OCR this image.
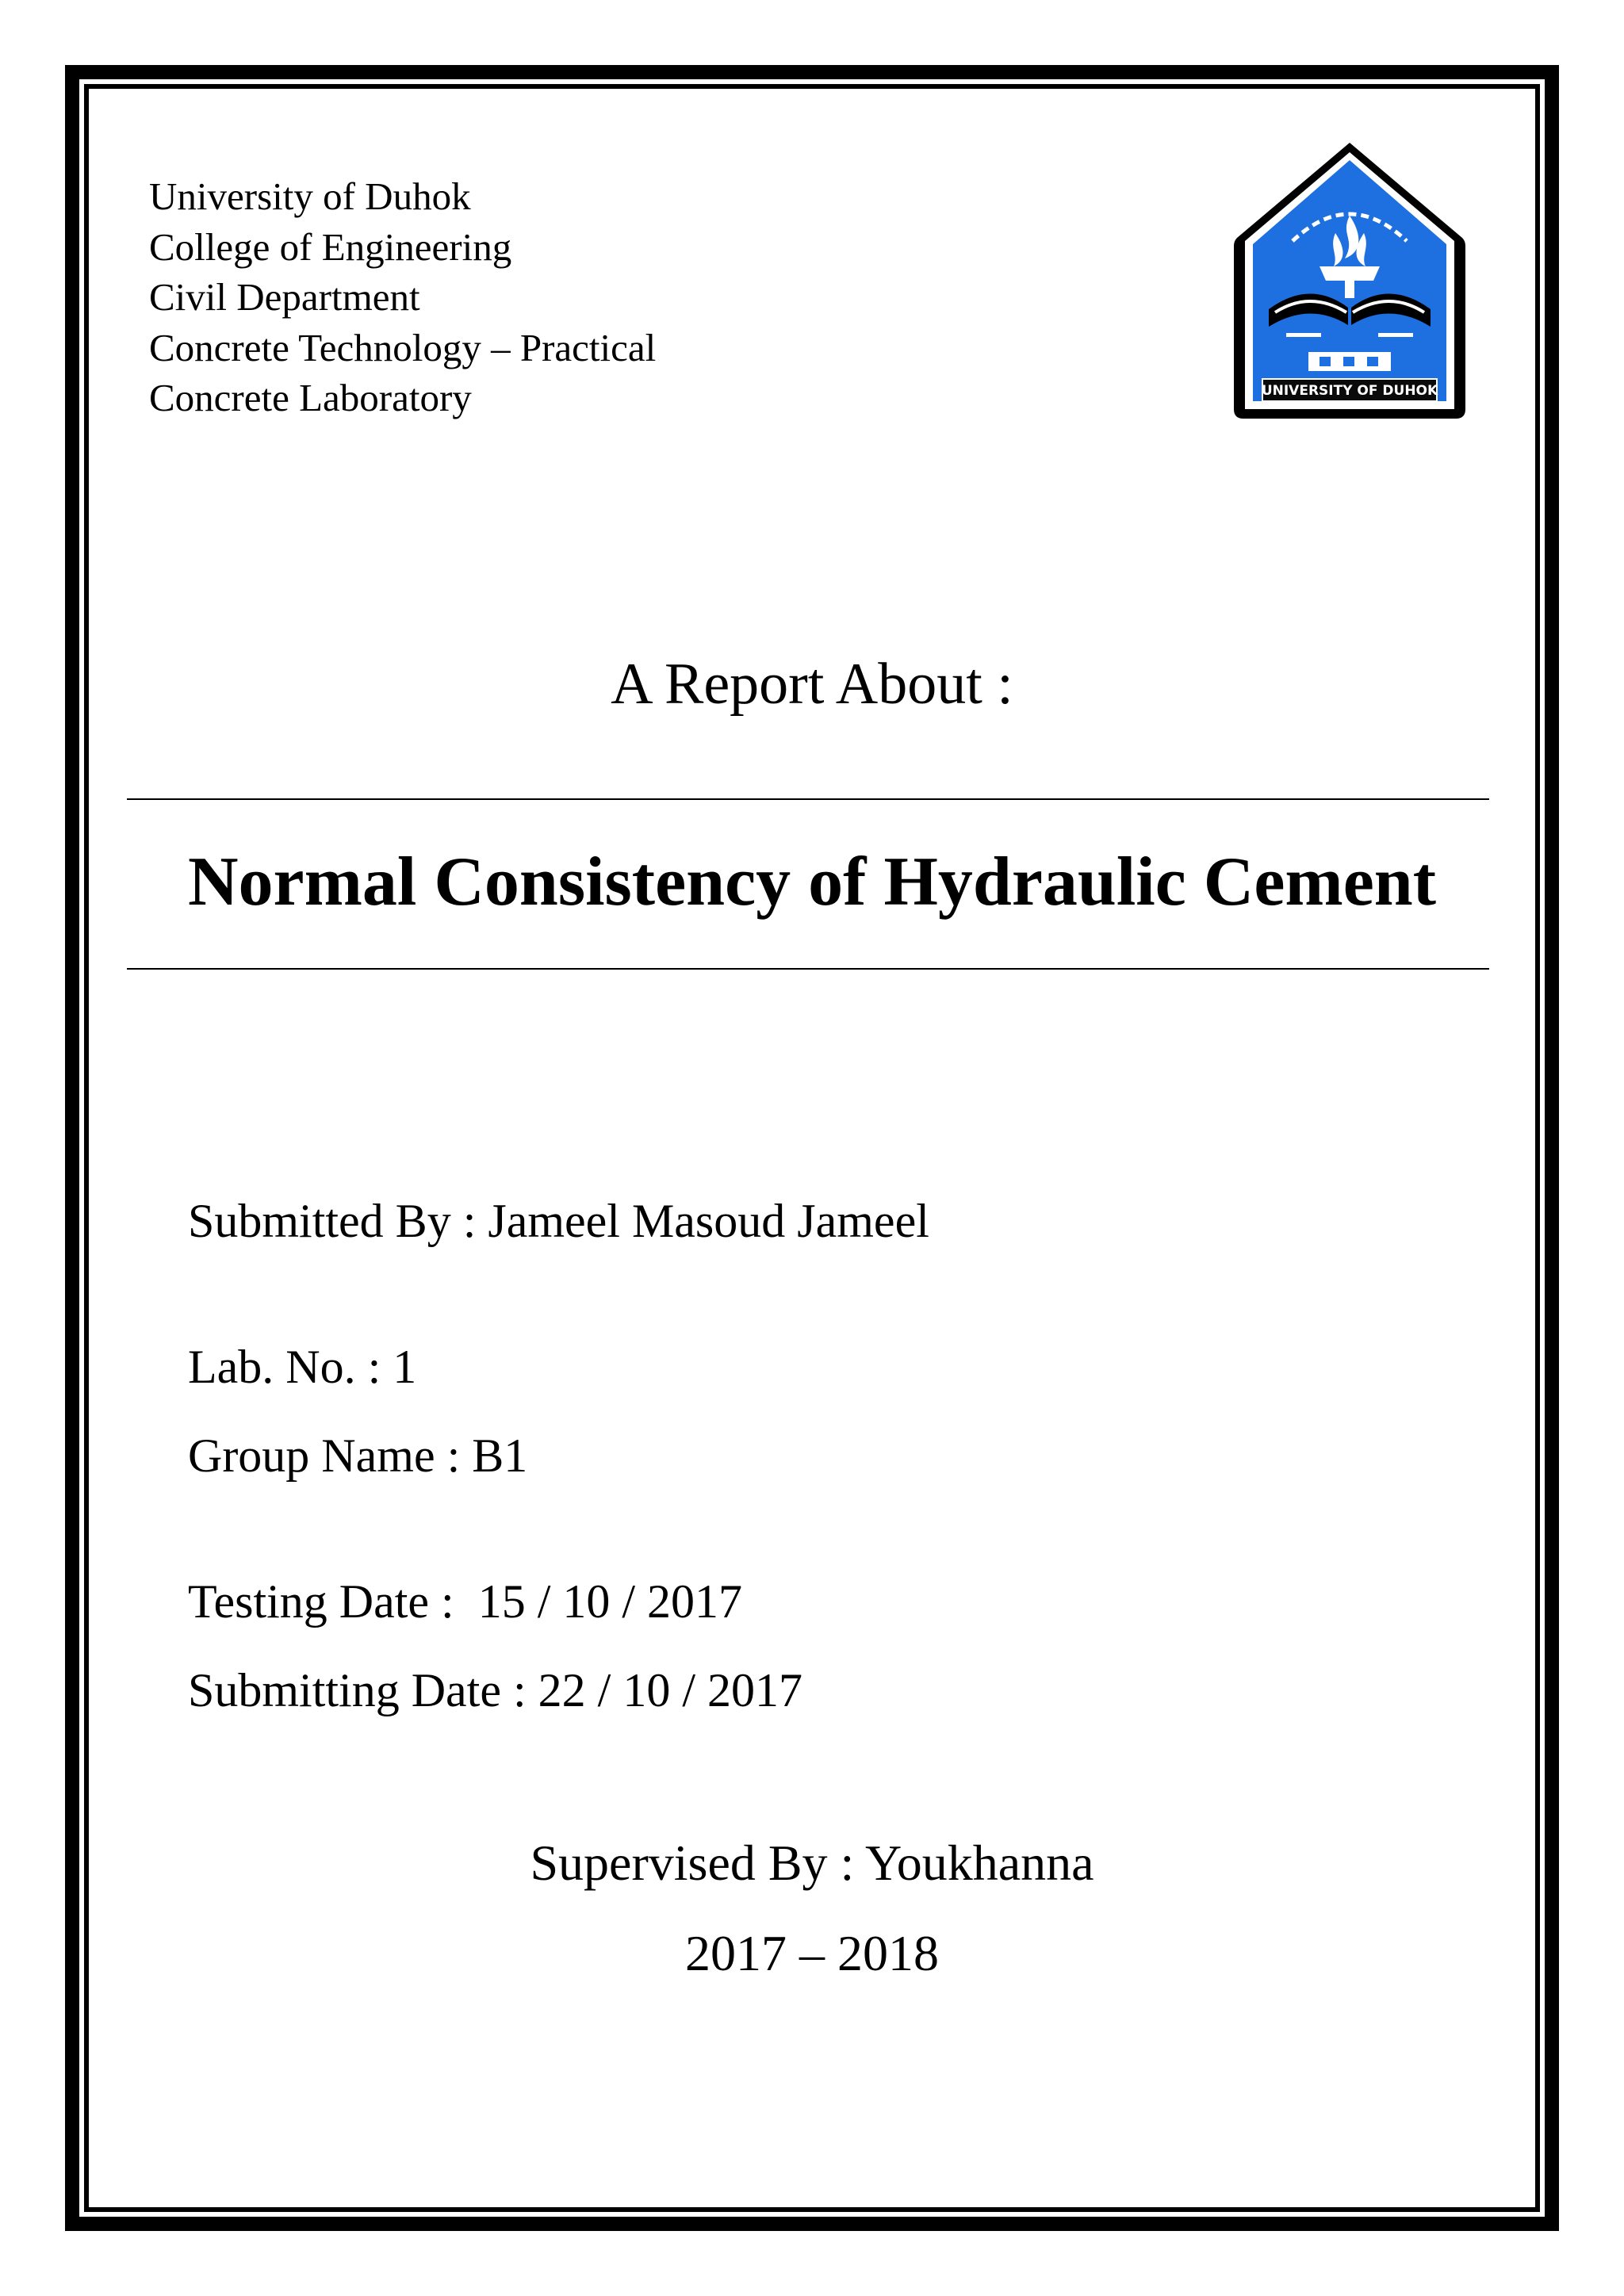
University of Duhok
College of Engineering
Civil Department
Concrete Technology – Practical
Concrete Laboratory	UNIVERSITY OF DUHOK
A Report About :
Normal Consistency of Hydraulic Cement
Submitted By : Jameel Masoud Jameel
Lab. No. : 1
Group Name : B1
Testing Date :  15 / 10 / 2017
Submitting Date : 22 / 10 / 2017
Supervised By : Youkhanna
2017 – 2018
